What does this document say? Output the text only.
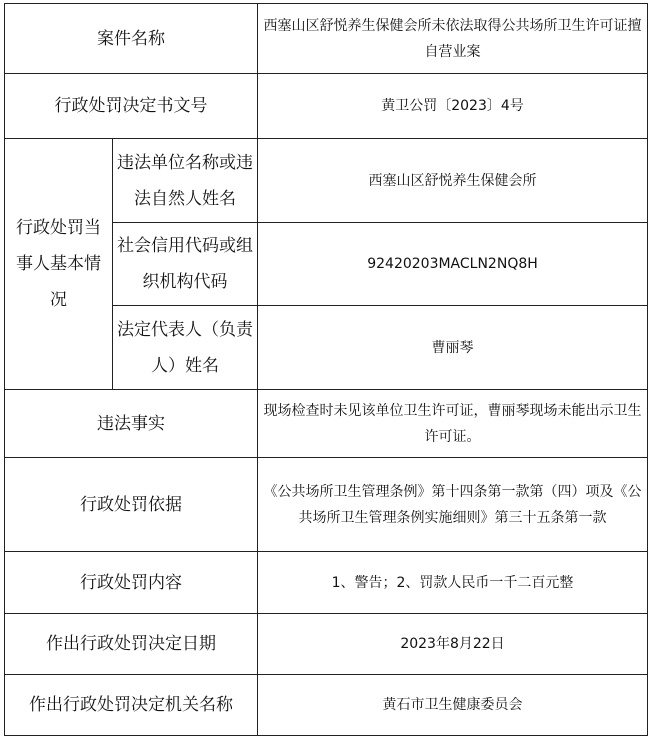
案件名称		西塞山区舒悦养生保健会所未依法取得公共场所卫生许可证擅自营业案
行政处罚决定书文号		黄卫公罚〔2023〕4号
行政处罚当事人基本情况	违法单位名称或违法自然人姓名	西塞山区舒悦养生保健会所
	社会信用代码或组织机构代码	92420203MACLN2NQ8H
	法定代表人（负责人）姓名	曹丽琴
违法事实		现场检查时未见该单位卫生许可证，曹丽琴现场未能出示卫生许可证。
行政处罚依据		《公共场所卫生管理条例》第十四条第一款第（四）项及《公共场所卫生管理条例实施细则》第三十五条第一款
行政处罚内容		1、警告；2、罚款人民币一千二百元整
作出行政处罚决定日期		2023年8月22日
作出行政处罚决定机关名称		黄石市卫生健康委员会
